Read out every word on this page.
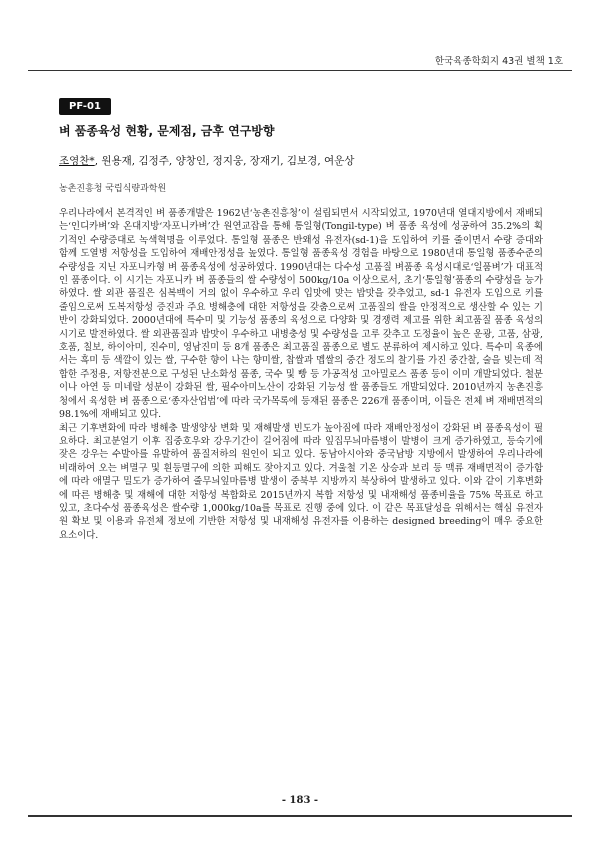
한국육종학회지 43권 별책 1호
PF-01
벼 품종육성 현황, 문제점, 금후 연구방향
조영찬*, 원용재, 김정주, 양창인, 정지웅, 장재기, 김보경, 여운상
농촌진흥청 국립식량과학원

우리나라에서 본격적인 벼 품종개발은 1962년‘농촌진흥청’이 설립되면서 시작되었고, 1970년대 열대지방에서 재배되는‘인디카벼’와 온대지방‘자포니카벼’간 원연교잡을 통해 통일형(Tongil-type) 벼 품종 육성에 성공하여 35.2%의 획기적인 수량증대로 녹색혁명을 이루었다. 통일형 품종은 반왜성 유전자(sd-1)을 도입하여 키를 줄이면서 수량 증대와 함께 도열병 저항성을 도입하여 재배안정성을 높였다. 통일형 품종육성 경험을 바탕으로 1980년대 통일형 품종수준의 수량성을 지닌 자포니카형 벼 품종육성에 성공하였다. 1990년대는 다수성 고품질 벼품종 육성시대로‘일품벼’가 대표적인 품종이다. 이 시기는 자포니카 벼 품종들의 쌀 수량성이 500kg/10a 이상으로서, 초기‘통일형’품종의 수량성을 능가하였다. 쌀 외관 품질은 심복백이 거의 없이 우수하고 우리 입맛에 맞는 밥맛을 갖추었고, sd-1 유전자 도입으로 키를 줄임으로써 도복저항성 증진과 주요 병해충에 대한 저항성을 갖춤으로써 고품질의 쌀을 안정적으로 생산할 수 있는 기반이 강화되었다. 2000년대에 특수미 및 기능성 품종의 육성으로 다양화 및 경쟁력 제고를 위한 최고품질 품종 육성의 시기로 발전하였다. 쌀 외관품질과 밥맛이 우수하고 내병충성 및 수량성을 고루 갖추고 도정율이 높은 운광, 고품, 삼광, 호품, 칠보, 하이아미, 진수미, 영남진미 등 8개 품종은 최고품질 품종으로 별도 분류하여 제시하고 있다. 특수미 육종에서는 흑미 등 색깔이 있는 쌀, 구수한 향이 나는 향미쌀, 찹쌀과 멥쌀의 중간 정도의 찰기를 가진 중간찰, 술을 빚는데 적합한 주정용, 저항전분으로 구성된 난소화성 품종, 국수 및 빵 등 가공적성 고아밀로스 품종 등이 이미 개발되었다. 철분이나 아연 등 미네랄 성분이 강화된 쌀, 필수아미노산이 강화된 기능성 쌀 품종들도 개발되었다. 2010년까지 농촌진흥청에서 육성한 벼 품종으로‘종자산업법’에 따라 국가목록에 등재된 품종은 226개 품종이며, 이들은 전체 벼 재배면적의 98.1%에 재배되고 있다.

최근 기후변화에 따라 병해충 발생양상 변화 및 재해발생 빈도가 높아짐에 따라 재배안정성이 강화된 벼 품종육성이 필요하다. 최고분얼기 이후 집중호우와 강우기간이 길어짐에 따라 잎집무늬마름병이 발병이 크게 증가하였고, 등숙기에 잦은 강우는 수발아를 유발하여 품질저하의 원인이 되고 있다. 동남아시아와 중국남방 지방에서 발생하여 우리나라에 비래하여 오는 벼멸구 및 흰등멸구에 의한 피해도 잦아지고 있다. 겨울철 기온 상승과 보리 등 맥류 재배면적이 증가함에 따라 애멸구 밀도가 증가하여 줄무늬잎마름병 발생이 중북부 지방까지 북상하여 발생하고 있다. 이와 같이 기후변화에 따른 병해충 및 재해에 대한 저항성 복합화로 2015년까지 복합 저항성 및 내재해성 품종비율을 75% 목표로 하고 있고, 초다수성 품종육성은 쌀수량 1,000kg/10a를 목표로 진행 중에 있다. 이 같은 목표달성을 위해서는 핵심 유전자원 확보 및 이용과 유전체 정보에 기반한 저항성 및 내재해성 유전자를 이용하는 designed breeding이 매우 중요한 요소이다.

- 183 -
